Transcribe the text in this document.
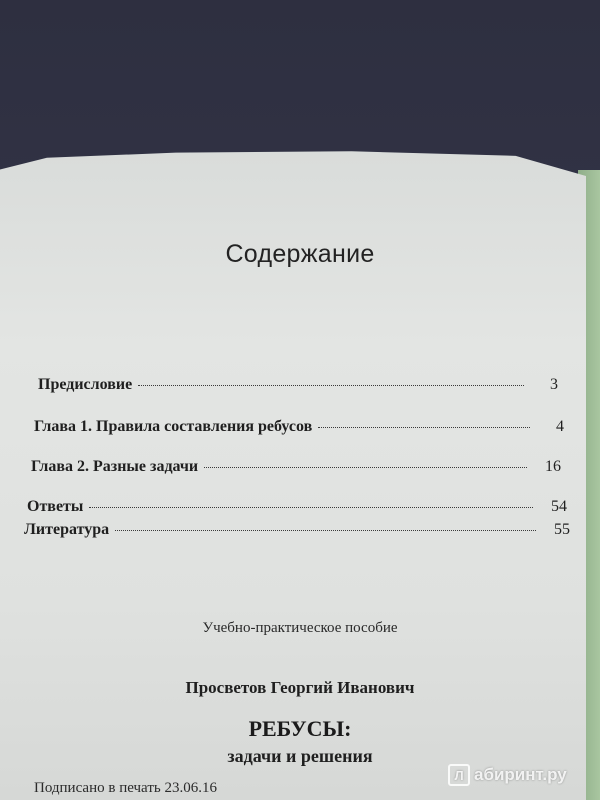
Содержание
Предисловие	3
Глава 1. Правила составления ребусов	4
Глава 2. Разные задачи	16
Ответы	54
Литература	55
Учебно-практическое пособие
Просветов Георгий Иванович
РЕБУСЫ:
задачи и решения
Подписано в печать 23.06.16
Л абиринт.ру
